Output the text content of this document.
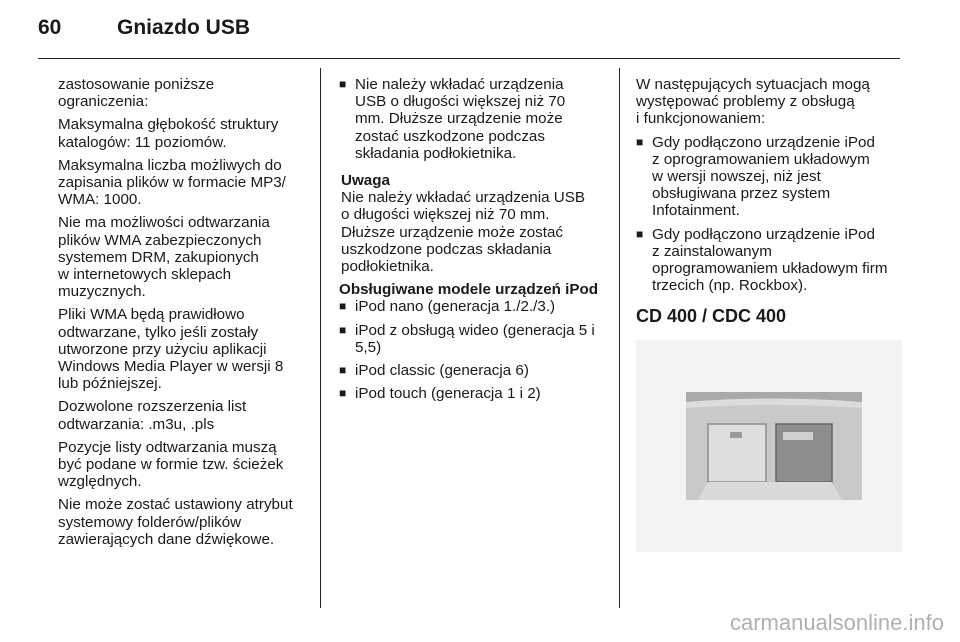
60	Gniazdo USB

zastosowanie poniższe
ograniczenia:

Maksymalna głębokość struktury
katalogów: 11 poziomów.

Maksymalna liczba możliwych do
zapisania plików w formacie MP3/
WMA: 1000.

Nie ma możliwości odtwarzania
plików WMA zabezpieczonych
systemem DRM, zakupionych
w internetowych sklepach
muzycznych.

Pliki WMA będą prawidłowo
odtwarzane, tylko jeśli zostały
utworzone przy użyciu aplikacji
Windows Media Player w wersji 8
lub późniejszej.

Dozwolone rozszerzenia list
odtwarzania: .m3u, .pls

Pozycje listy odtwarzania muszą
być podane w formie tzw. ścieżek
względnych.

Nie może zostać ustawiony atrybut
systemowy folderów/plików
zawierających dane dźwiękowe.

■ Nie należy wkładać urządzenia
USB o długości większej niż 70
mm. Dłuższe urządzenie może
zostać uszkodzone podczas
składania podłokietnika.
Uwaga
Nie należy wkładać urządzenia USB
o długości większej niż 70 mm.
Dłuższe urządzenie może zostać
uszkodzone podczas składania
podłokietnika.
Obsługiwane modele urządzeń iPod
■ iPod nano (generacja 1./2./3.)
■ iPod z obsługą wideo (generacja 5 i
5,5)
■ iPod classic (generacja 6)
■ iPod touch (generacja 1 i 2)

W następujących sytuacjach mogą
występować problemy z obsługą
i funkcjonowaniem:

■ Gdy podłączono urządzenie iPod
z oprogramowaniem układowym
w wersji nowszej, niż jest
obsługiwana przez system
Infotainment.
■ Gdy podłączono urządzenie iPod
z zainstalowanym
oprogramowaniem układowym firm
trzecich (np. Rockbox).
CD 400 / CDC 400
carmanualsonline.info
